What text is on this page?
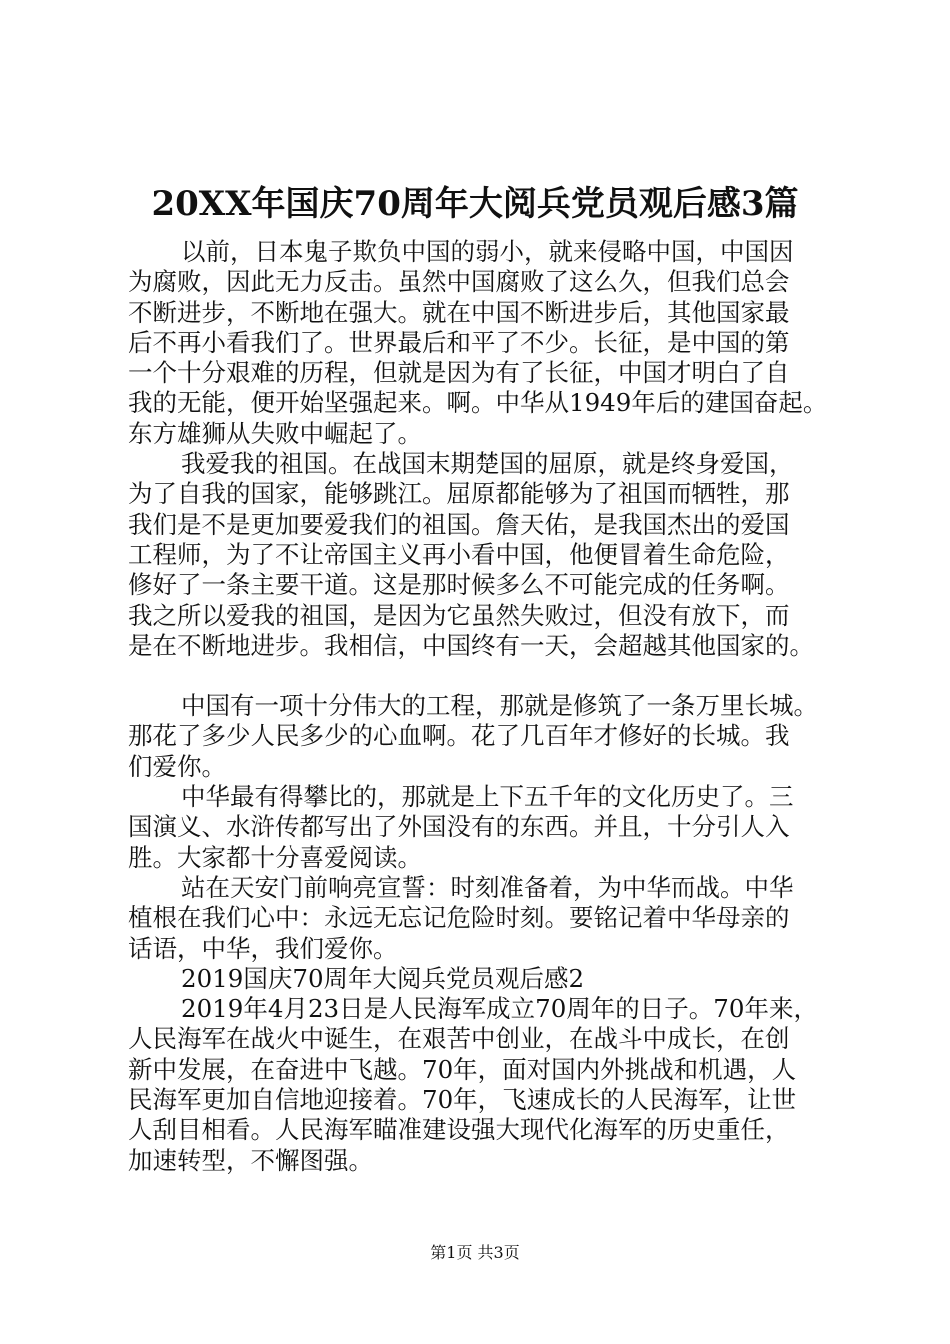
20XX年国庆70周年大阅兵党员观后感3篇
以前，日本鬼子欺负中国的弱小，就来侵略中国，中国因
为腐败，因此无力反击。虽然中国腐败了这么久，但我们总会
不断进步，不断地在强大。就在中国不断进步后，其他国家最
后不再小看我们了。世界最后和平了不少。长征，是中国的第
一个十分艰难的历程，但就是因为有了长征，中国才明白了自
我的无能，便开始坚强起来。啊。中华从1949年后的建国奋起。
东方雄狮从失败中崛起了。
我爱我的祖国。在战国末期楚国的屈原，就是终身爱国，
为了自我的国家，能够跳江。屈原都能够为了祖国而牺牲，那
我们是不是更加要爱我们的祖国。詹天佑，是我国杰出的爱国
工程师，为了不让帝国主义再小看中国，他便冒着生命危险，
修好了一条主要干道。这是那时候多么不可能完成的任务啊。
我之所以爱我的祖国，是因为它虽然失败过，但没有放下，而
是在不断地进步。我相信，中国终有一天，会超越其他国家的。
中国有一项十分伟大的工程，那就是修筑了一条万里长城。
那花了多少人民多少的心血啊。花了几百年才修好的长城。我
们爱你。
中华最有得攀比的，那就是上下五千年的文化历史了。三
国演义、水浒传都写出了外国没有的东西。并且，十分引人入
胜。大家都十分喜爱阅读。
站在天安门前响亮宣誓：时刻准备着，为中华而战。中华
植根在我们心中：永远无忘记危险时刻。要铭记着中华母亲的
话语，中华，我们爱你。
2019国庆70周年大阅兵党员观后感2
2019年4月23日是人民海军成立70周年的日子。70年来，
人民海军在战火中诞生，在艰苦中创业，在战斗中成长，在创
新中发展，在奋进中飞越。70年，面对国内外挑战和机遇，人
民海军更加自信地迎接着。70年，飞速成长的人民海军，让世
人刮目相看。人民海军瞄准建设强大现代化海军的历史重任，
加速转型，不懈图强。
第1页 共3页
